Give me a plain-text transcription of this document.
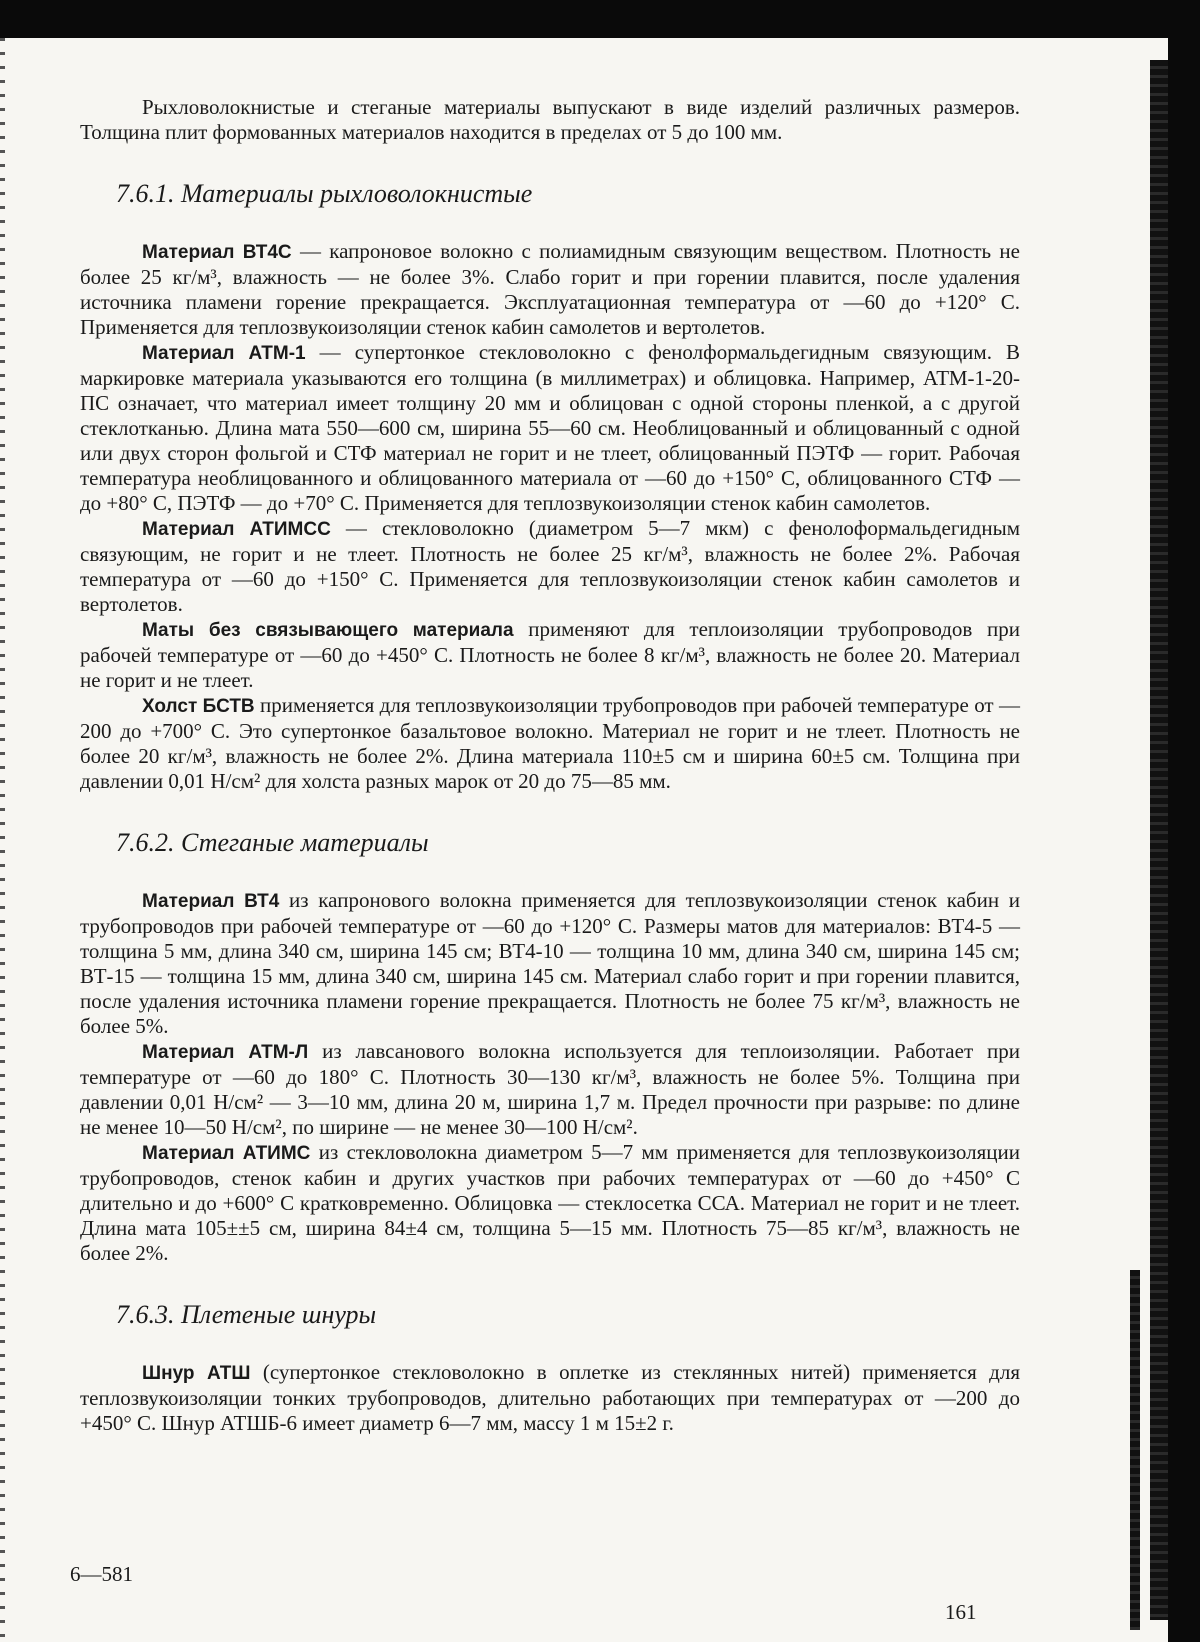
Рыхловолокнистые и стеганые материалы выпускают в виде изделий различных размеров. Толщина плит формованных материалов находится в пределах от 5 до 100 мм.

7.6.1. Материалы рыхловолокнистые

Материал ВТ4С — капроновое волокно с полиамидным связующим веществом. Плотность не более 25 кг/м³, влажность — не более 3%. Слабо горит и при горении плавится, после удаления источника пламени горение прекращается. Эксплуатационная температура от —60 до +120° С. Применяется для теплозвукоизоляции стенок кабин самолетов и вертолетов.

Материал АТМ-1 — супертонкое стекловолокно с фенолформальдегидным связующим. В маркировке материала указываются его толщина (в миллиметрах) и облицовка. Например, АТМ-1-20-ПС означает, что материал имеет толщину 20 мм и облицован с одной стороны пленкой, а с другой стеклотканью. Длина мата 550—600 см, ширина 55—60 см. Необлицованный и облицованный с одной или двух сторон фольгой и СТФ материал не горит и не тлеет, облицованный ПЭТФ — горит. Рабочая температура необлицованного и облицованного материала от —60 до +150° С, облицованного СТФ — до +80° С, ПЭТФ — до +70° С. Применяется для теплозвукоизоляции стенок кабин самолетов.

Материал АТИМСС — стекловолокно (диаметром 5—7 мкм) с фенолоформальдегидным связующим, не горит и не тлеет. Плотность не более 25 кг/м³, влажность не более 2%. Рабочая температура от —60 до +150° С. Применяется для теплозвукоизоляции стенок кабин самолетов и вертолетов.

Маты без связывающего материала применяют для теплоизоляции трубопроводов при рабочей температуре от —60 до +450° С. Плотность не более 8 кг/м³, влажность не более 20. Материал не горит и не тлеет.

Холст БСТВ применяется для теплозвукоизоляции трубопроводов при рабочей температуре от —200 до +700° С. Это супертонкое базальтовое волокно. Материал не горит и не тлеет. Плотность не более 20 кг/м³, влажность не более 2%. Длина материала 110±5 см и ширина 60±5 см. Толщина при давлении 0,01 Н/см² для холста разных марок от 20 до 75—85 мм.

7.6.2. Стеганые материалы

Материал ВТ4 из капронового волокна применяется для теплозвукоизоляции стенок кабин и трубопроводов при рабочей температуре от —60 до +120° С. Размеры матов для материалов: ВТ4-5 — толщина 5 мм, длина 340 см, ширина 145 см; ВТ4-10 — толщина 10 мм, длина 340 см, ширина 145 см; ВТ-15 — толщина 15 мм, длина 340 см, ширина 145 см. Материал слабо горит и при горении плавится, после удаления источника пламени горение прекращается. Плотность не более 75 кг/м³, влажность не более 5%.

Материал АТМ-Л из лавсанового волокна используется для теплоизоляции. Работает при температуре от —60 до 180° С. Плотность 30—130 кг/м³, влажность не более 5%. Толщина при давлении 0,01 Н/см² — 3—10 мм, длина 20 м, ширина 1,7 м. Предел прочности при разрыве: по длине не менее 10—50 Н/см², по ширине — не менее 30—100 Н/см².

Материал АТИМС из стекловолокна диаметром 5—7 мм применяется для теплозвукоизоляции трубопроводов, стенок кабин и других участков при рабочих температурах от —60 до +450° С длительно и до +600° С кратковременно. Облицовка — стеклосетка ССА. Материал не горит и не тлеет. Длина мата 105±±5 см, ширина 84±4 см, толщина 5—15 мм. Плотность 75—85 кг/м³, влажность не более 2%.

7.6.3. Плетеные шнуры

Шнур АТШ (супертонкое стекловолокно в оплетке из стеклянных нитей) применяется для теплозвукоизоляции тонких трубопроводов, длительно работающих при температурах от —200 до +450° С. Шнур АТШБ-6 имеет диаметр 6—7 мм, массу 1 м 15±2 г.

6—581
161
